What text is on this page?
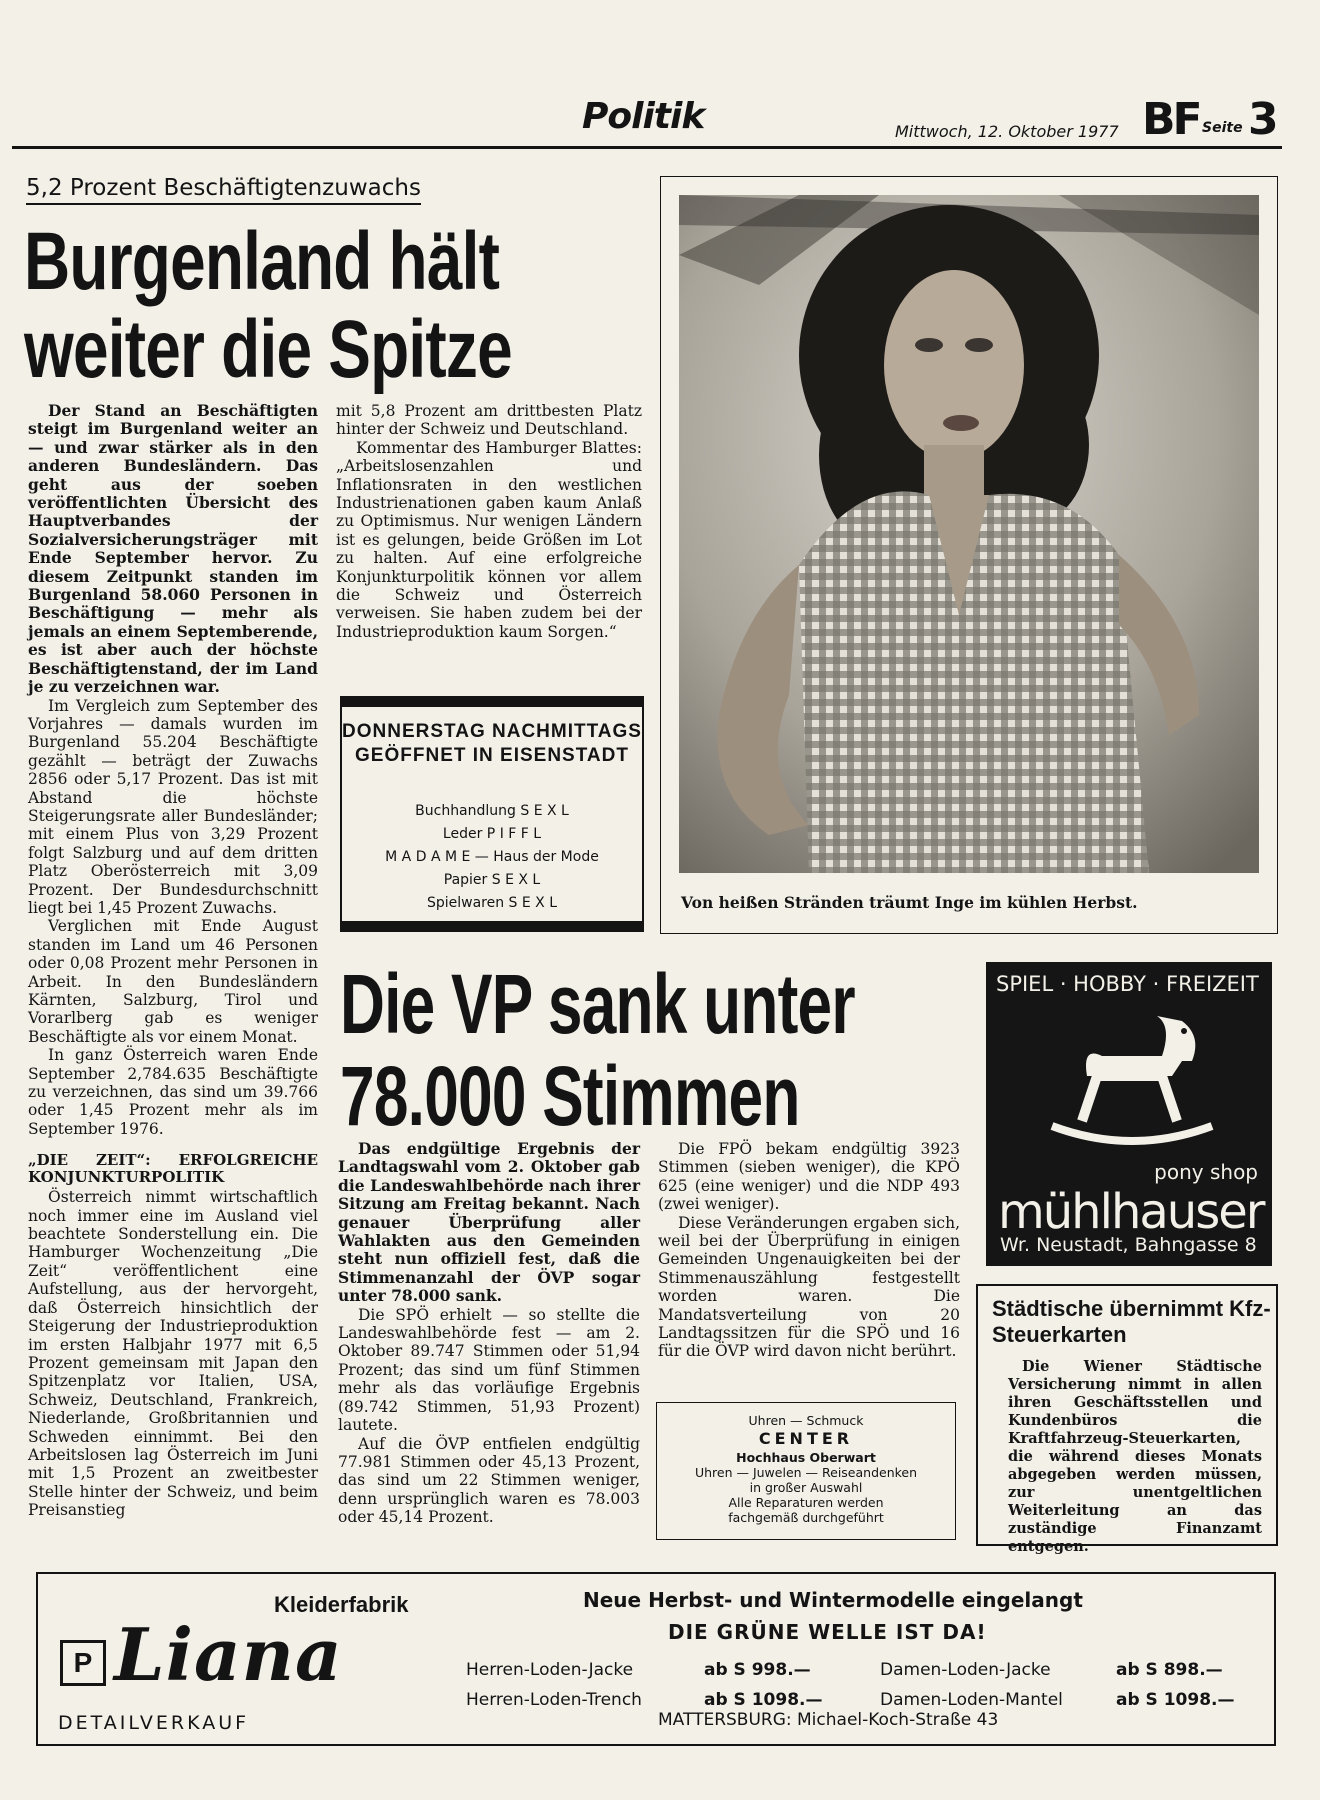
Politik	Mittwoch, 12. Oktober 1977 BF Seite 3
5,2 Prozent Beschäftigtenzuwachs
Burgenland hält weiter die Spitze

Der Stand an Beschäftigten steigt im Burgenland weiter an — und zwar stärker als in den anderen Bundesländern. Das geht aus der soeben veröffentlichten Übersicht des Hauptverbandes der Sozialversicherungsträger mit Ende September hervor. Zu diesem Zeitpunkt standen im Burgenland 58.060 Personen in Beschäftigung — mehr als jemals an einem Septemberende, es ist aber auch der höchste Beschäftigtenstand, der im Land je zu verzeichnen war.

Im Vergleich zum September des Vorjahres — damals wurden im Burgenland 55.204 Beschäftigte gezählt — beträgt der Zuwachs 2856 oder 5,17 Prozent. Das ist mit Abstand die höchste Steigerungsrate aller Bundesländer; mit einem Plus von 3,29 Prozent folgt Salzburg und auf dem dritten Platz Oberösterreich mit 3,09 Prozent. Der Bundesdurchschnitt liegt bei 1,45 Prozent Zuwachs.

Verglichen mit Ende August standen im Land um 46 Personen oder 0,08 Prozent mehr Personen in Arbeit. In den Bundesländern Kärnten, Salzburg, Tirol und Vorarlberg gab es weniger Beschäftigte als vor einem Monat.

In ganz Österreich waren Ende September 2,784.635 Beschäftigte zu verzeichnen, das sind um 39.766 oder 1,45 Prozent mehr als im September 1976.

„DIE ZEIT“: ERFOLGREICHE KONJUNKTURPOLITIK

Österreich nimmt wirtschaftlich noch immer eine im Ausland viel beachtete Sonderstellung ein. Die Hamburger Wochenzeitung „Die Zeit“ veröffentlichent eine Aufstellung, aus der hervorgeht, daß Österreich hinsichtlich der Steigerung der Industrieproduktion im ersten Halbjahr 1977 mit 6,5 Prozent gemeinsam mit Japan den Spitzenplatz vor Italien, USA, Schweiz, Deutschland, Frankreich, Niederlande, Großbritannien und Schweden einnimmt. Bei den Arbeitslosen lag Österreich im Juni mit 1,5 Prozent an zweitbester Stelle hinter der Schweiz, und beim Preisanstieg

mit 5,8 Prozent am drittbesten Platz hinter der Schweiz und Deutschland.

Kommentar des Hamburger Blattes: „Arbeitslosenzahlen und Inflationsraten in den westlichen Industrienationen gaben kaum Anlaß zu Optimismus. Nur wenigen Ländern ist es gelungen, beide Größen im Lot zu halten. Auf eine erfolgreiche Konjunkturpolitik können vor allem die Schweiz und Österreich verweisen. Sie haben zudem bei der Industrieproduktion kaum Sorgen.“

DONNERSTAG NACHMITTAGS GEÖFFNET IN EISENSTADT
Buchhandlung S E X L
Leder P I F F L
M A D A M E — Haus der Mode
Papier S E X L
Spielwaren S E X L	Von heißen Stränden träumt Inge im kühlen Herbst.
Die VP sank unter 78.000 Stimmen

Das endgültige Ergebnis der Landtagswahl vom 2. Oktober gab die Landeswahlbehörde nach ihrer Sitzung am Freitag bekannt. Nach genauer Überprüfung aller Wahlakten aus den Gemeinden steht nun offiziell fest, daß die Stimmenanzahl der ÖVP sogar unter 78.000 sank.

Die SPÖ erhielt — so stellte die Landeswahlbehörde fest — am 2. Oktober 89.747 Stimmen oder 51,94 Prozent; das sind um fünf Stimmen mehr als das vorläufige Ergebnis (89.742 Stimmen, 51,93 Prozent) lautete.

Auf die ÖVP entfielen endgültig 77.981 Stimmen oder 45,13 Prozent, das sind um 22 Stimmen weniger, denn ursprünglich waren es 78.003 oder 45,14 Prozent.

Die FPÖ bekam endgültig 3923 Stimmen (sieben weniger), die KPÖ 625 (eine weniger) und die NDP 493 (zwei weniger).

Diese Veränderungen ergaben sich, weil bei der Überprüfung in einigen Gemeinden Ungenauigkeiten bei der Stimmenauszählung festgestellt worden waren. Die Mandatsverteilung von 20 Landtagssitzen für die SPÖ und 16 für die ÖVP wird davon nicht berührt.

Uhren — Schmuck
CENTER
Hochhaus Oberwart
Uhren — Juwelen — Reiseandenken
in großer Auswahl
Alle Reparaturen werden
fachgemäß durchgeführt
SPIEL · HOBBY · FREIZEIT
pony shop
mühlhauser
Wr. Neustadt, Bahngasse 8
Städtische übernimmt Kfz-Steuerkarten

Die Wiener Städtische Versicherung nimmt in allen ihren Geschäftsstellen und Kundenbüros die Kraftfahrzeug-Steuerkarten, die während dieses Monats abgegeben werden müssen, zur unentgeltlichen Weiterleitung an das zuständige Finanzamt entgegen.

Kleiderfabrik
P Liana
DETAILVERKAUF
Neue Herbst- und Wintermodelle eingelangt
DIE GRÜNE WELLE IST DA!
Herren-Loden-Jacke	ab S 998.—	Damen-Loden-Jacke	ab S 898.—
Herren-Loden-Trench	ab S 1098.—	Damen-Loden-Mantel	ab S 1098.—
MATTERSBURG: Michael-Koch-Straße 43
